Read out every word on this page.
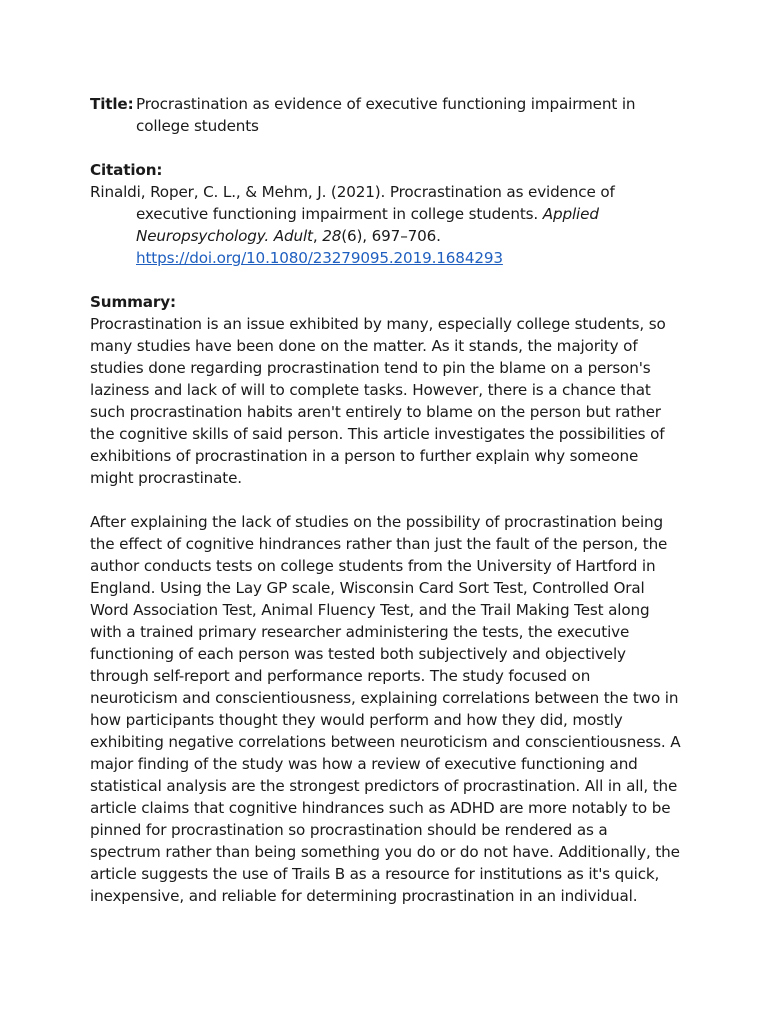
Title: Procrastination as evidence of executive functioning impairment in college students
Citation:
Rinaldi, Roper, C. L., & Mehm, J. (2021). Procrastination as evidence of executive functioning impairment in college students. Applied Neuropsychology. Adult, 28(6), 697–706. https://doi.org/10.1080/23279095.2019.1684293
Summary:

Procrastination is an issue exhibited by many, especially college students, so many studies have been done on the matter. As it stands, the majority of studies done regarding procrastination tend to pin the blame on a person's laziness and lack of will to complete tasks. However, there is a chance that such procrastination habits aren't entirely to blame on the person but rather the cognitive skills of said person. This article investigates the possibilities of exhibitions of procrastination in a person to further explain why someone might procrastinate.

After explaining the lack of studies on the possibility of procrastination being the effect of cognitive hindrances rather than just the fault of the person, the author conducts tests on college students from the University of Hartford in England. Using the Lay GP scale, Wisconsin Card Sort Test, Controlled Oral Word Association Test, Animal Fluency Test, and the Trail Making Test along with a trained primary researcher administering the tests, the executive functioning of each person was tested both subjectively and objectively through self-report and performance reports. The study focused on neuroticism and conscientiousness, explaining correlations between the two in how participants thought they would perform and how they did, mostly exhibiting negative correlations between neuroticism and conscientiousness. A major finding of the study was how a review of executive functioning and statistical analysis are the strongest predictors of procrastination. All in all, the article claims that cognitive hindrances such as ADHD are more notably to be pinned for procrastination so procrastination should be rendered as a spectrum rather than being something you do or do not have. Additionally, the article suggests the use of Trails B as a resource for institutions as it's quick, inexpensive, and reliable for determining procrastination in an individual.
